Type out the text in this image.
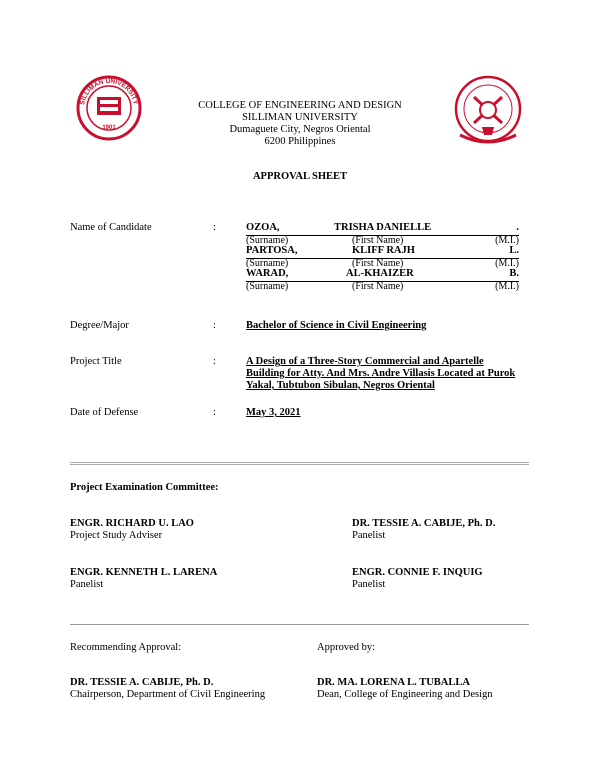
SILLIMAN UNIVERSITY
1901
COLLEGE OF ENGINEERING AND DESIGN
SILLIMAN UNIVERSITY
Dumaguete City, Negros Oriental
6200 Philippines
APPROVAL SHEET
Name of Candidate	:	OZOA,	TRISHA DANIELLE	.
(Surname)	(First Name)	(M.I.)
PARTOSA,	KLIFF RAJH	L.
(Surname)	(First Name)	(M.I.)
WARAD,	AL-KHAIZER	B.
(Surname)	(First Name)	(M.I.)
Degree/Major	:	Bachelor of Science in Civil Engineering
Project Title	:	A Design of a Three-Story Commercial and Apartelle
Building for Atty. And Mrs. Andre Villasis Located at Purok
Yakal, Tubtubon Sibulan, Negros Oriental
Date of Defense	:	May 3, 2021
Project Examination Committee:
ENGR. RICHARD U. LAO
Project Study Adviser
DR. TESSIE A. CABIJE, Ph. D.
Panelist
ENGR. KENNETH L. LARENA
Panelist
ENGR. CONNIE F. INQUIG
Panelist
Recommending Approval:	Approved by:
DR. TESSIE A. CABIJE, Ph. D.
Chairperson, Department of Civil Engineering
DR. MA. LORENA L. TUBALLA
Dean, College of Engineering and Design
